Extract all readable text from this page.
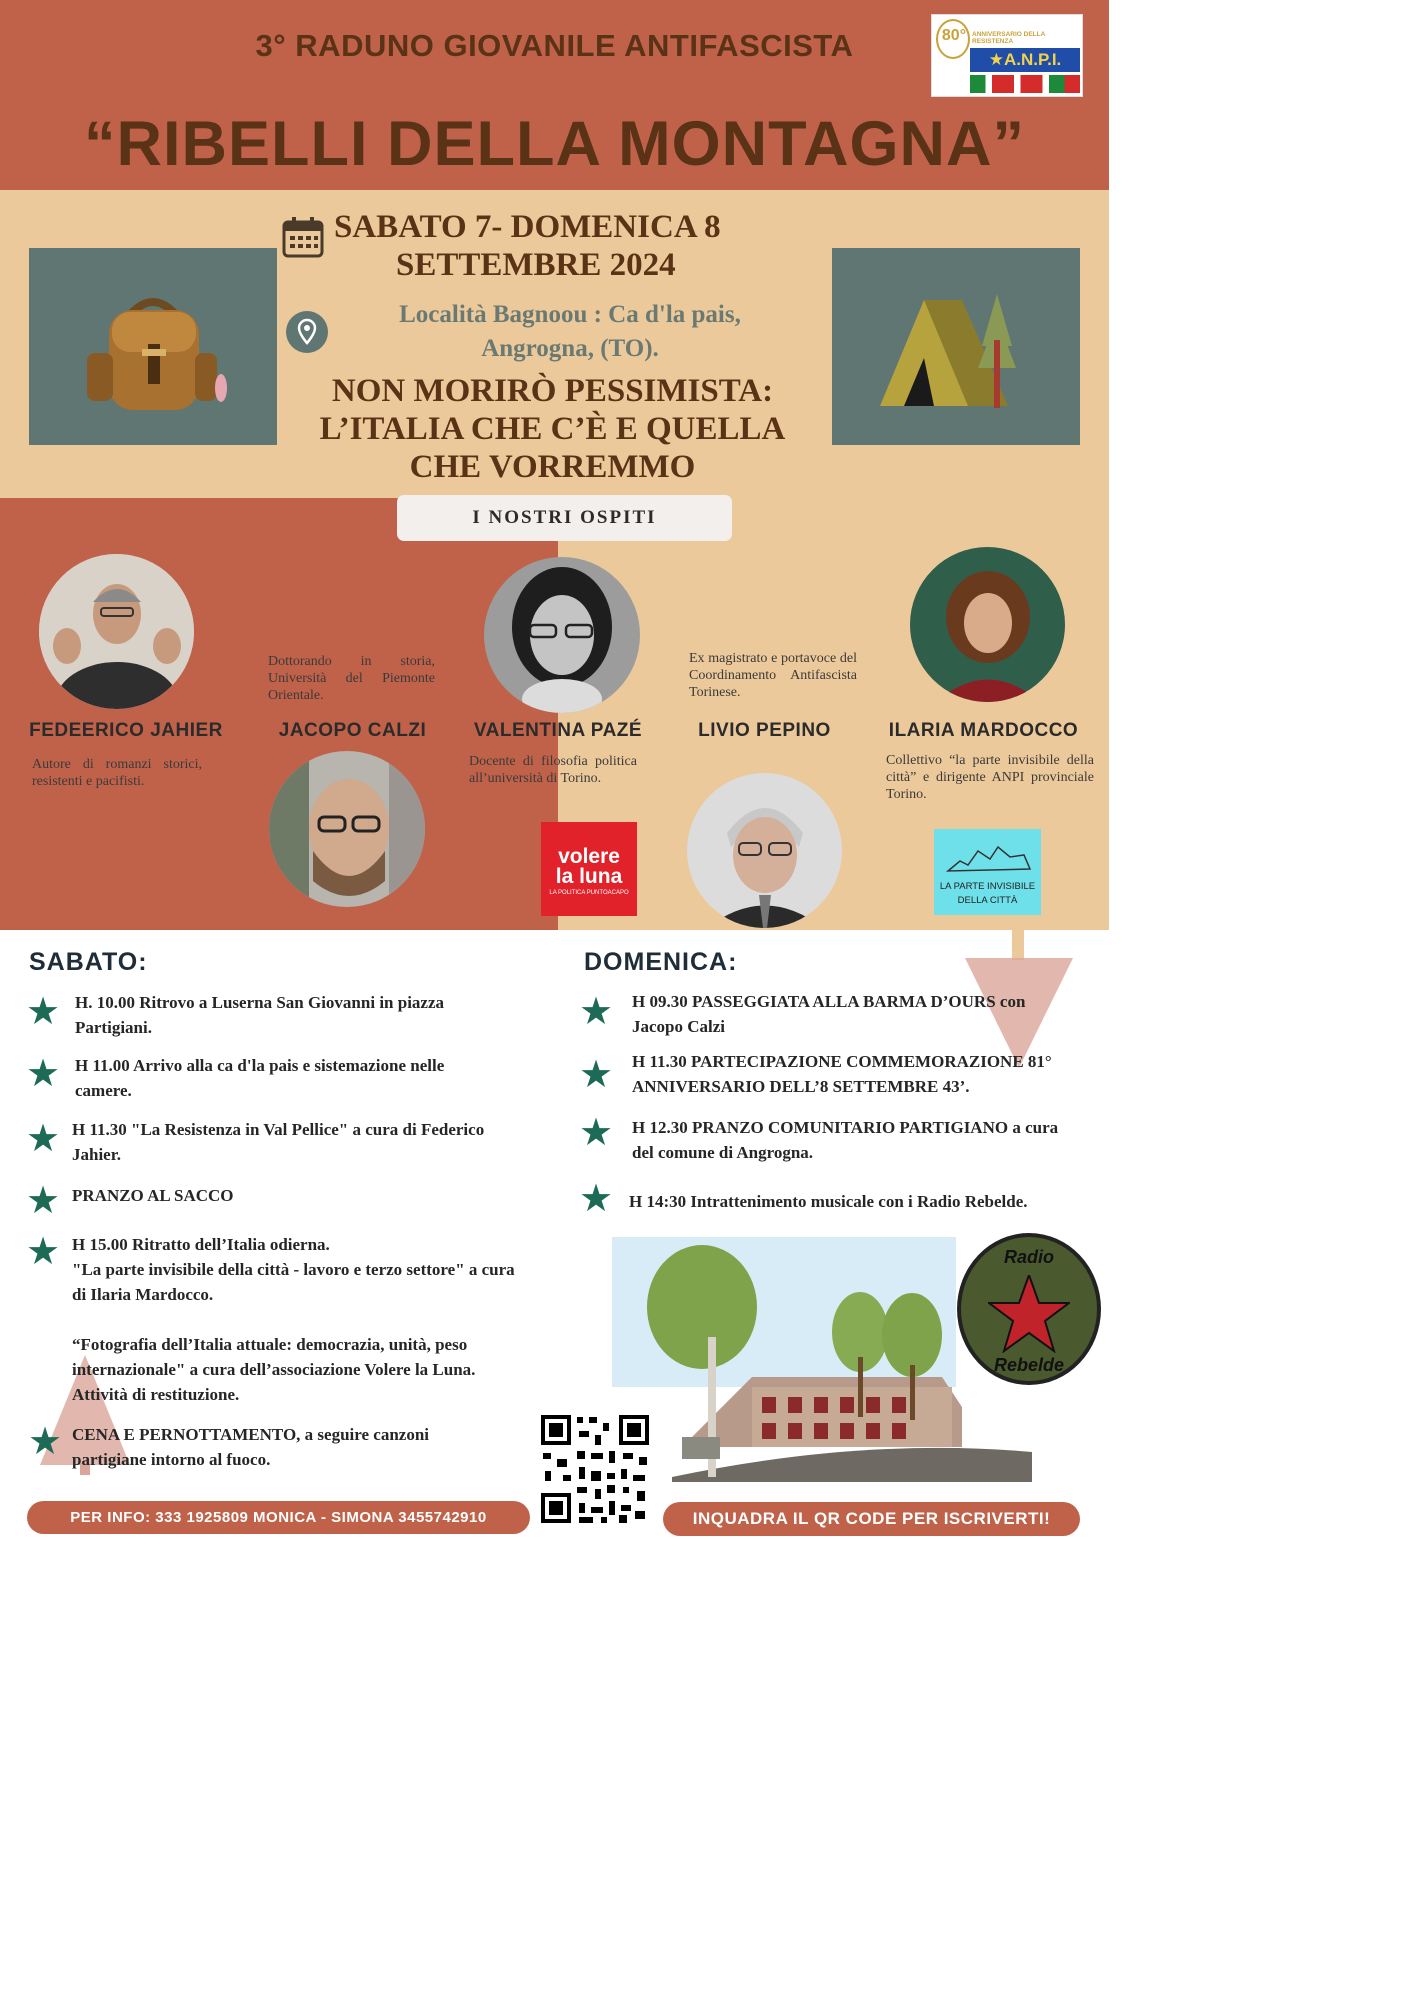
3° RADUNO GIOVANILE ANTIFASCISTA
“RIBELLI DELLA MONTAGNA”
80° ANNIVERSARIO DELLA RESISTENZA
★A.N.P.I.
SABATO 7- DOMENICA 8
SETTEMBRE 2024
Località Bagnoou : Ca d'la pais,
Angrogna, (TO).
NON MORIRÒ PESSIMISTA:
L’ITALIA CHE C’È E QUELLA
CHE VORREMMO
I NOSTRI OSPITI
FEDEERICO JAHIER
Autore di romanzi storici, resistenti e pacifisti.
Dottorando in storia, Università del Piemonte Orientale.
JACOPO CALZI	VALENTINA PAZÉ
Docente di filosofia politica all’università di Torino.
volere
la luna
LA POLITICA PUNTOACAPO
Ex magistrato e portavoce del Coordinamento Antifascista Torinese.
LIVIO PEPINO	ILARIA MARDOCCO
Collettivo “la parte invisibile della città” e dirigente ANPI provinciale Torino.
LA PARTE INVISIBILE
DELLA CITTÀ
SABATO:
★ H. 10.00 Ritrovo a Luserna San Giovanni in piazza Partigiani.
★ H 11.00 Arrivo alla ca d'la pais e sistemazione nelle camere.
★ H 11.30 "La Resistenza in Val Pellice" a cura di Federico Jahier.
★ PRANZO AL SACCO
★ H 15.00 Ritratto dell’Italia odierna.
"La parte invisibile della città - lavoro e terzo settore" a cura di Ilaria Mardocco.
“Fotografia dell’Italia attuale: democrazia, unità, peso internazionale" a cura dell’associazione Volere la Luna. Attività di restituzione.
★ CENA E PERNOTTAMENTO, a seguire canzoni partigiane intorno al fuoco.
DOMENICA:
★ H 09.30 PASSEGGIATA ALLA BARMA D’OURS con Jacopo Calzi
★ H 11.30 PARTECIPAZIONE COMMEMORAZIONE 81° ANNIVERSARIO DELL’8 SETTEMBRE 43’.
★ H 12.30 PRANZO COMUNITARIO PARTIGIANO a cura del comune di Angrogna.
★ H 14:30 Intrattenimento musicale con i Radio Rebelde.
Radio
Rebelde
PER INFO: 333 1925809 MONICA - SIMONA 3455742910	INQUADRA IL QR CODE PER ISCRIVERTI!
